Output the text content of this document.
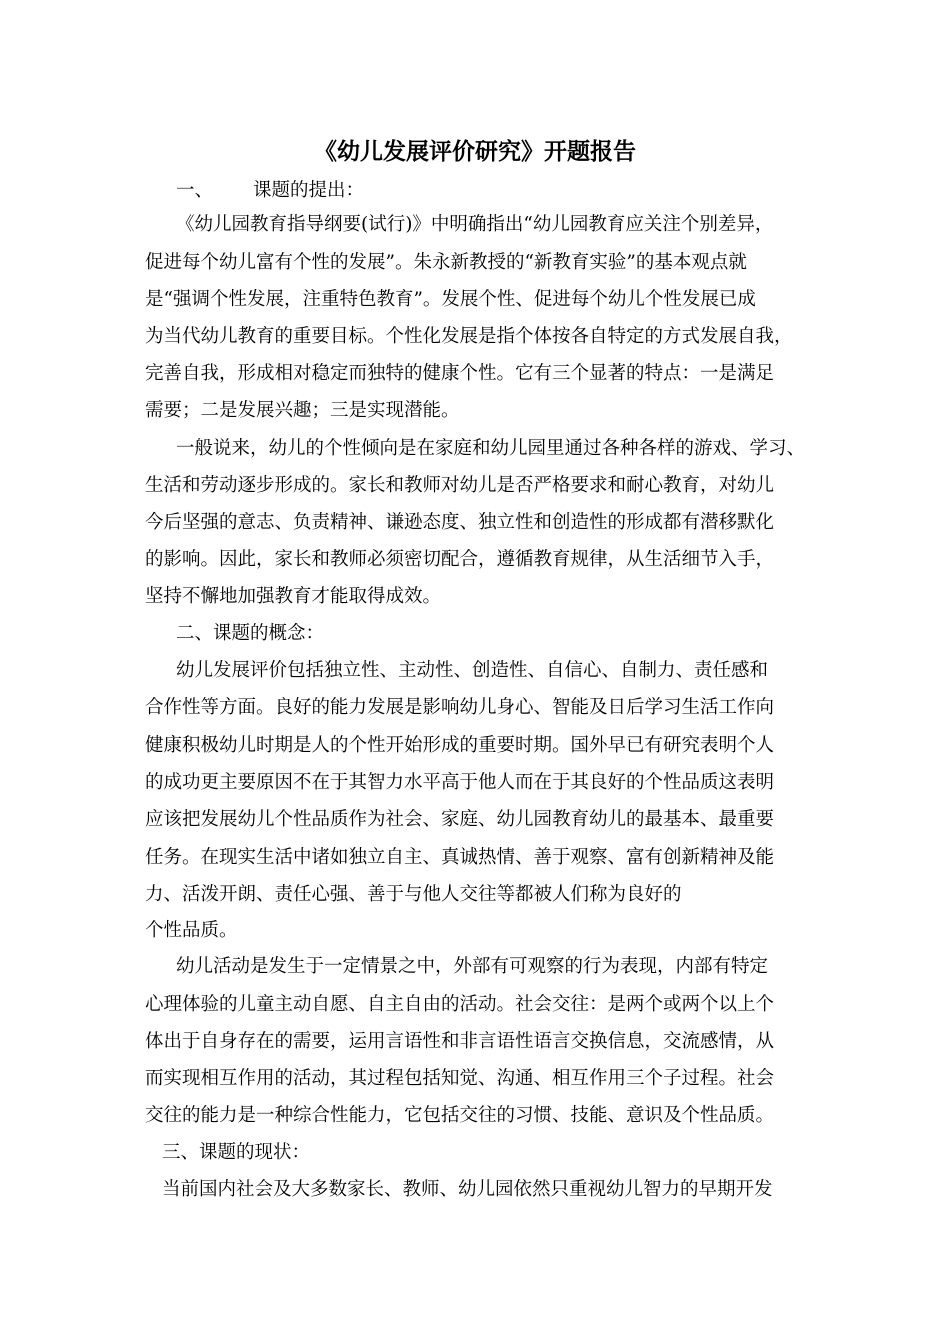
《幼儿发展评价研究》开题报告
一、 课题的提出：
《幼儿园教育指导纲要(试行)》中明确指出“幼儿园教育应关注个别差异，
促进每个幼儿富有个性的发展”。朱永新教授的“新教育实验”的基本观点就
是“强调个性发展，注重特色教育”。发展个性、促进每个幼儿个性发展已成
为当代幼儿教育的重要目标。个性化发展是指个体按各自特定的方式发展自我，
完善自我，形成相对稳定而独特的健康个性。它有三个显著的特点：一是满足
需要；二是发展兴趣；三是实现潜能。
一般说来，幼儿的个性倾向是在家庭和幼儿园里通过各种各样的游戏、学习、
生活和劳动逐步形成的。家长和教师对幼儿是否严格要求和耐心教育，对幼儿
今后坚强的意志、负责精神、谦逊态度、独立性和创造性的形成都有潜移默化
的影响。因此，家长和教师必须密切配合，遵循教育规律，从生活细节入手，
坚持不懈地加强教育才能取得成效。
二、课题的概念：
幼儿发展评价包括独立性、主动性、创造性、自信心、自制力、责任感和
合作性等方面。良好的能力发展是影响幼儿身心、智能及日后学习生活工作向
健康积极幼儿时期是人的个性开始形成的重要时期。国外早已有研究表明个人
的成功更主要原因不在于其智力水平高于他人而在于其良好的个性品质这表明
应该把发展幼儿个性品质作为社会、家庭、幼儿园教育幼儿的最基本、最重要
任务。在现实生活中诸如独立自主、真诚热情、善于观察、富有创新精神及能
力、活泼开朗、责任心强、善于与他人交往等都被人们称为良好的
个性品质。
幼儿活动是发生于一定情景之中，外部有可观察的行为表现，内部有特定
心理体验的儿童主动自愿、自主自由的活动。社会交往：是两个或两个以上个
体出于自身存在的需要，运用言语性和非言语性语言交换信息，交流感情，从
而实现相互作用的活动，其过程包括知觉、沟通、相互作用三个子过程。社会
交往的能力是一种综合性能力，它包括交往的习惯、技能、意识及个性品质。
三、课题的现状：
当前国内社会及大多数家长、教师、幼儿园依然只重视幼儿智力的早期开发
